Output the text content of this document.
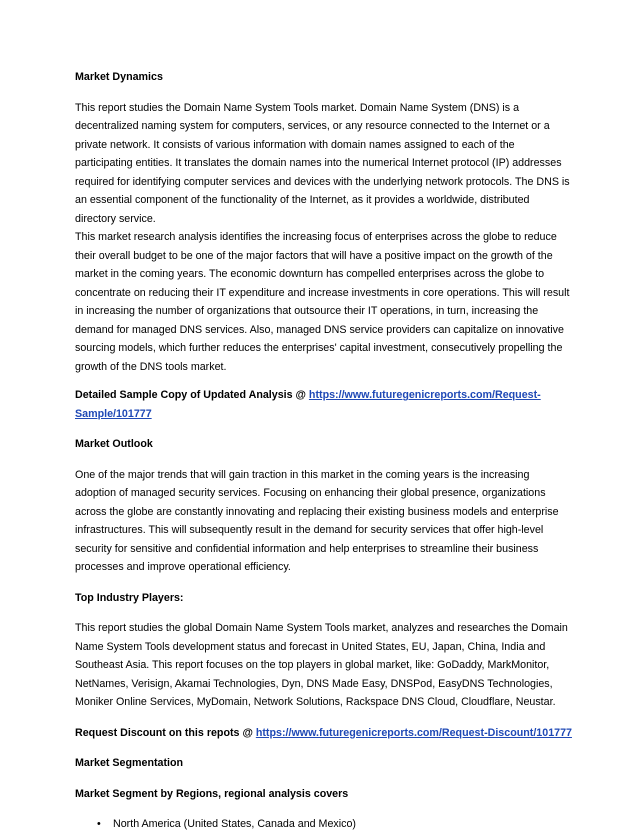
Market Dynamics

This report studies the Domain Name System Tools market. Domain Name System (DNS) is a decentralized naming system for computers, services, or any resource connected to the Internet or a private network. It consists of various information with domain names assigned to each of the participating entities. It translates the domain names into the numerical Internet protocol (IP) addresses required for identifying computer services and devices with the underlying network protocols. The DNS is an essential component of the functionality of the Internet, as it provides a worldwide, distributed directory service.

This market research analysis identifies the increasing focus of enterprises across the globe to reduce their overall budget to be one of the major factors that will have a positive impact on the growth of the market in the coming years. The economic downturn has compelled enterprises across the globe to concentrate on reducing their IT expenditure and increase investments in core operations. This will result in increasing the number of organizations that outsource their IT operations, in turn, increasing the demand for managed DNS services. Also, managed DNS service providers can capitalize on innovative sourcing models, which further reduces the enterprises' capital investment, consecutively propelling the growth of the DNS tools market.

Detailed Sample Copy of Updated Analysis @ https://www.futuregenicreports.com/Request-Sample/101777

Market Outlook

One of the major trends that will gain traction in this market in the coming years is the increasing adoption of managed security services. Focusing on enhancing their global presence, organizations across the globe are constantly innovating and replacing their existing business models and enterprise infrastructures. This will subsequently result in the demand for security services that offer high-level security for sensitive and confidential information and help enterprises to streamline their business processes and improve operational efficiency.

Top Industry Players:

This report studies the global Domain Name System Tools market, analyzes and researches the Domain Name System Tools development status and forecast in United States, EU, Japan, China, India and Southeast Asia. This report focuses on the top players in global market, like: GoDaddy, MarkMonitor, NetNames, Verisign, Akamai Technologies, Dyn, DNS Made Easy, DNSPod, EasyDNS Technologies, Moniker Online Services, MyDomain, Network Solutions, Rackspace DNS Cloud, Cloudflare, Neustar.

Request Discount on this repots @ https://www.futuregenicreports.com/Request-Discount/101777

Market Segmentation

Market Segment by Regions, regional analysis covers

• North America (United States, Canada and Mexico)
